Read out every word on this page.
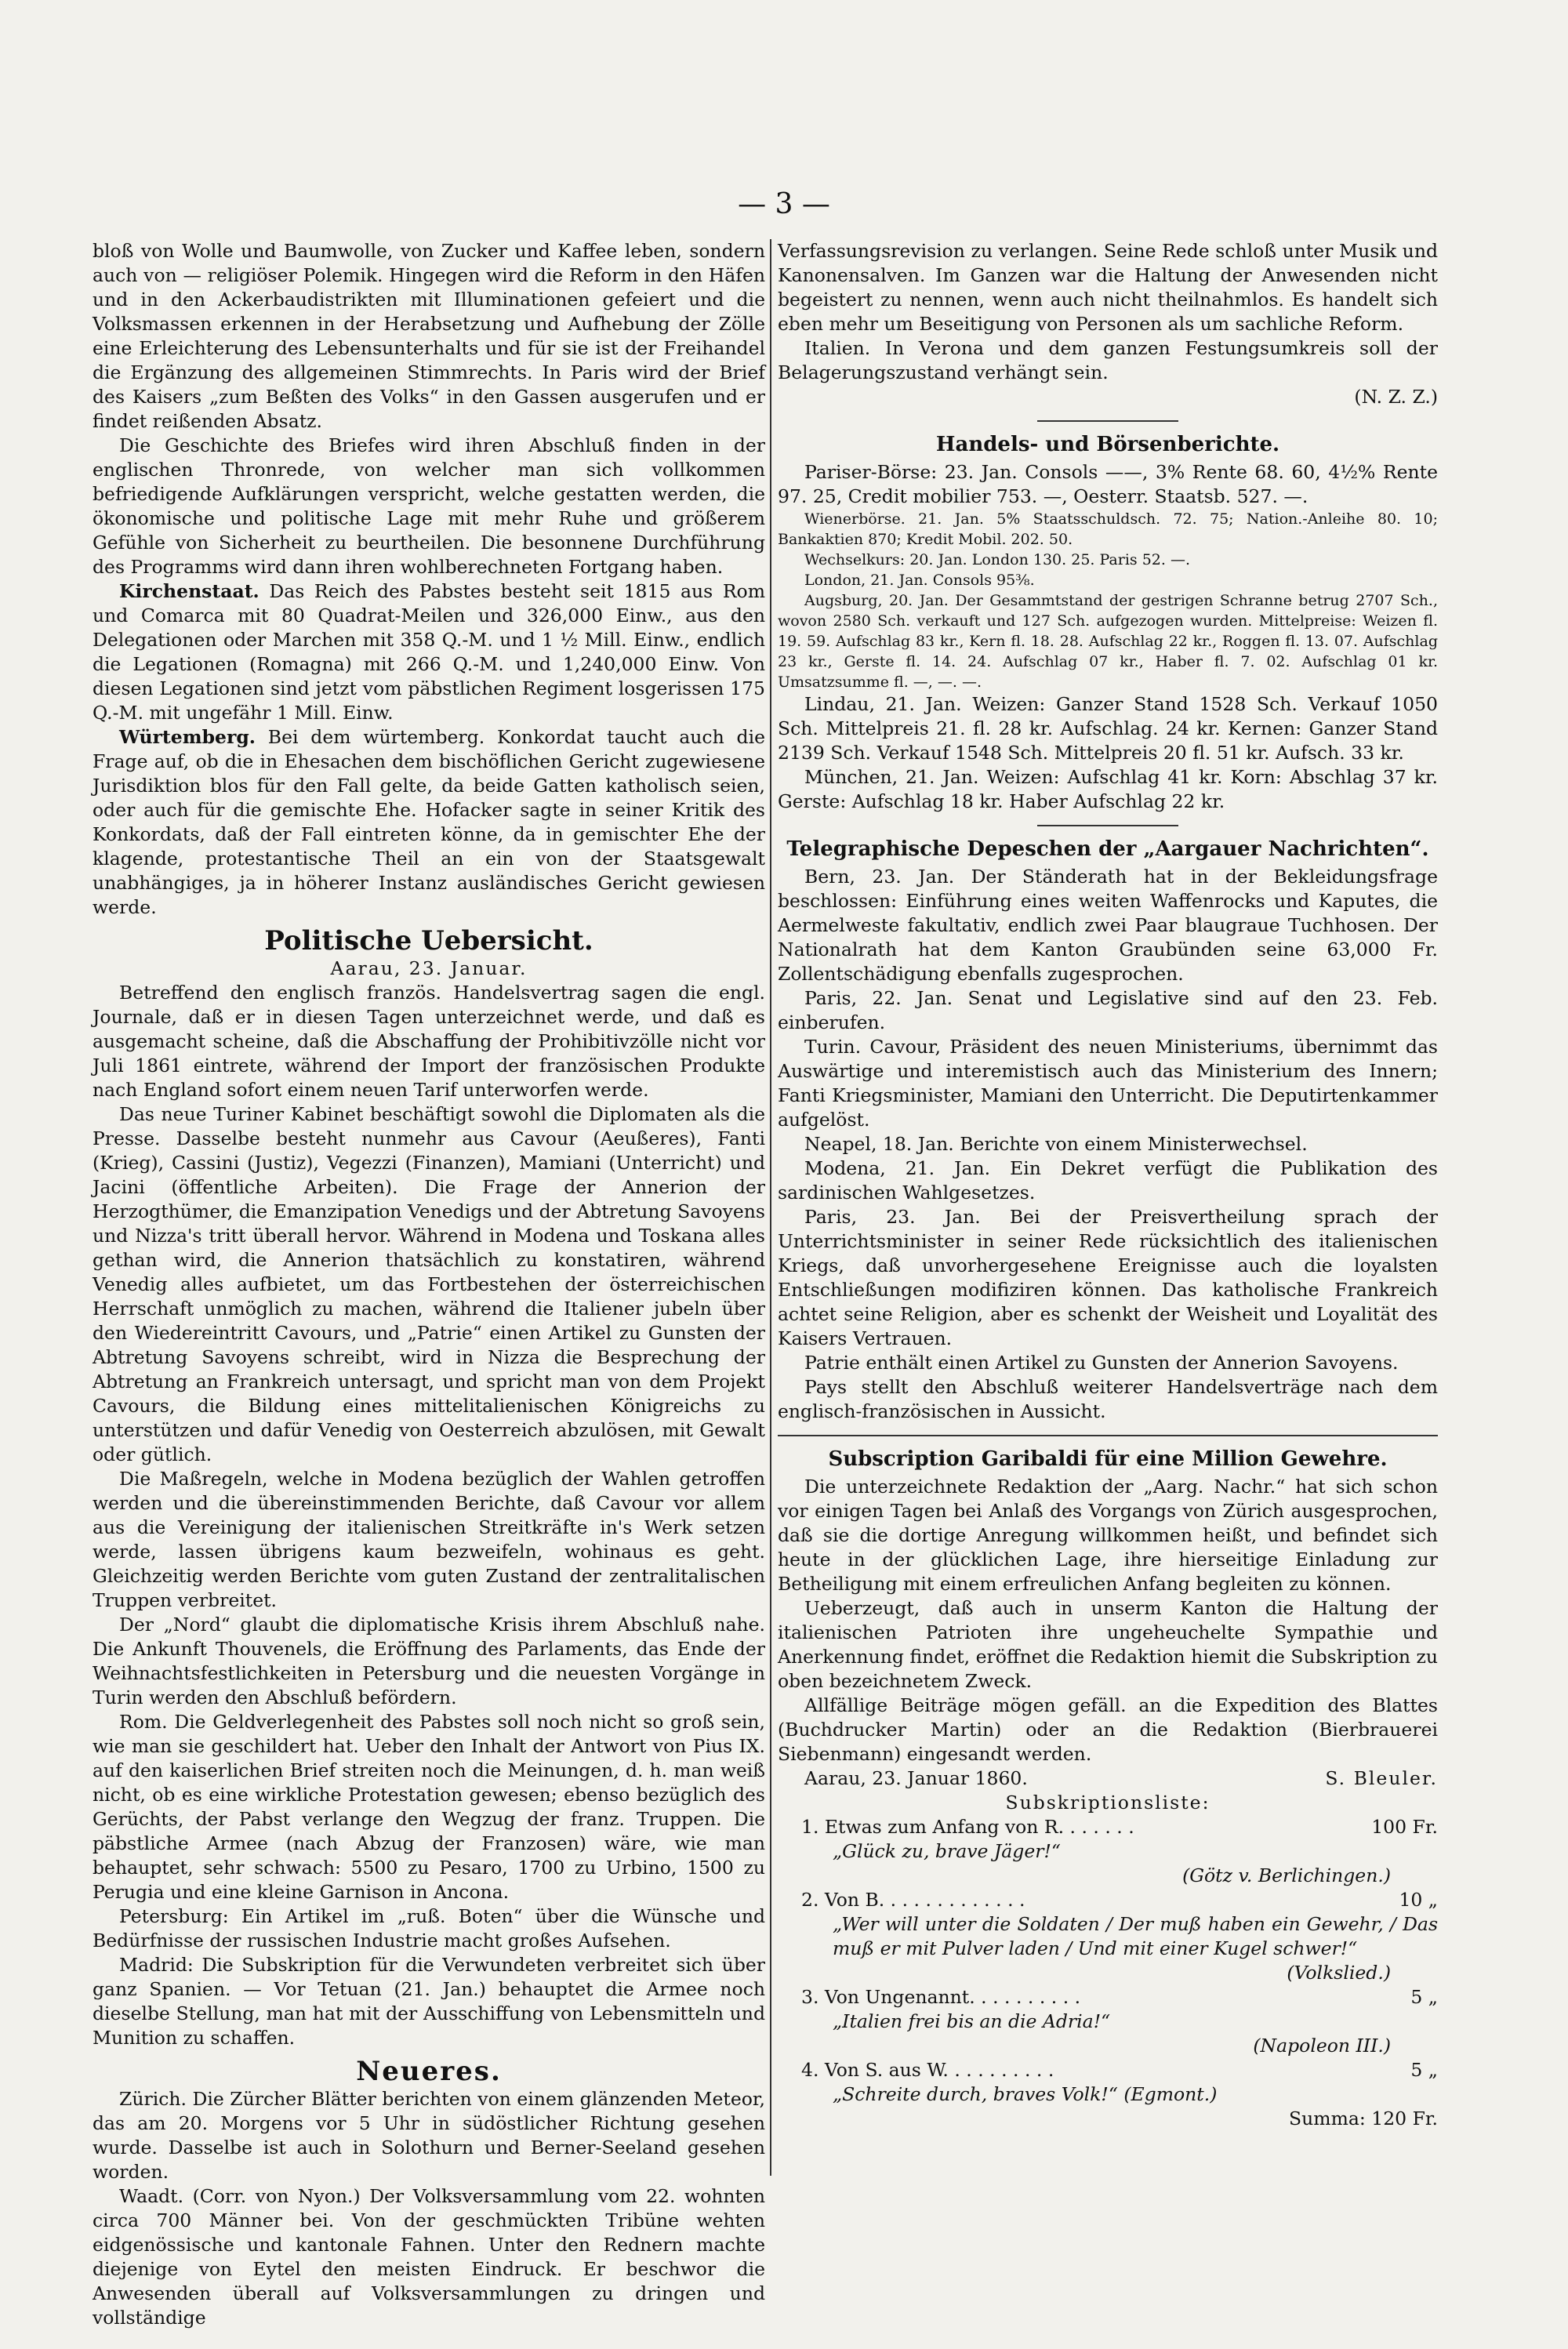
— 3 —

bloß von Wolle und Baumwolle, von Zucker und Kaffee leben, sondern auch von — religiöser Polemik. Hingegen wird die Reform in den Häfen und in den Ackerbaudistrikten mit Illuminationen gefeiert und die Volksmassen erkennen in der Herabsetzung und Aufhebung der Zölle eine Erleichterung des Lebensunterhalts und für sie ist der Freihandel die Ergänzung des allgemeinen Stimmrechts. In Paris wird der Brief des Kaisers „zum Beßten des Volks“ in den Gassen ausgerufen und er findet reißenden Absatz.

Die Geschichte des Briefes wird ihren Abschluß finden in der englischen Thronrede, von welcher man sich vollkommen befriedigende Aufklärungen verspricht, welche gestatten werden, die ökonomische und politische Lage mit mehr Ruhe und größerem Gefühle von Sicherheit zu beurtheilen. Die besonnene Durchführung des Programms wird dann ihren wohlberechneten Fortgang haben.

Kirchenstaat. Das Reich des Pabstes besteht seit 1815 aus Rom und Comarca mit 80 Quadrat-Meilen und 326,000 Einw., aus den Delegationen oder Marchen mit 358 Q.-M. und 1 ½ Mill. Einw., endlich die Legationen (Romagna) mit 266 Q.-M. und 1,240,000 Einw. Von diesen Legationen sind jetzt vom päbstlichen Regiment losgerissen 175 Q.-M. mit ungefähr 1 Mill. Einw.

Würtemberg. Bei dem würtemberg. Konkordat taucht auch die Frage auf, ob die in Ehesachen dem bischöflichen Gericht zugewiesene Jurisdiktion blos für den Fall gelte, da beide Gatten katholisch seien, oder auch für die gemischte Ehe. Hofacker sagte in seiner Kritik des Konkordats, daß der Fall eintreten könne, da in gemischter Ehe der klagende, protestantische Theil an ein von der Staatsgewalt unabhängiges, ja in höherer Instanz ausländisches Gericht gewiesen werde.

Politische Uebersicht.

Aarau, 23. Januar.

Betreffend den englisch französ. Handelsvertrag sagen die engl. Journale, daß er in diesen Tagen unterzeichnet werde, und daß es ausgemacht scheine, daß die Abschaffung der Prohibitivzölle nicht vor Juli 1861 eintrete, während der Import der französischen Produkte nach England sofort einem neuen Tarif unterworfen werde.

Das neue Turiner Kabinet beschäftigt sowohl die Diplomaten als die Presse. Dasselbe besteht nunmehr aus Cavour (Aeußeres), Fanti (Krieg), Cassini (Justiz), Vegezzi (Finanzen), Mamiani (Unterricht) und Jacini (öffentliche Arbeiten). Die Frage der Annerion der Herzogthümer, die Emanzipation Venedigs und der Abtretung Savoyens und Nizza's tritt überall hervor. Während in Modena und Toskana alles gethan wird, die Annerion thatsächlich zu konstatiren, während Venedig alles aufbietet, um das Fortbestehen der österreichischen Herrschaft unmöglich zu machen, während die Italiener jubeln über den Wiedereintritt Cavours, und „Patrie“ einen Artikel zu Gunsten der Abtretung Savoyens schreibt, wird in Nizza die Besprechung der Abtretung an Frankreich untersagt, und spricht man von dem Projekt Cavours, die Bildung eines mittelitalienischen Königreichs zu unterstützen und dafür Venedig von Oesterreich abzulösen, mit Gewalt oder gütlich.

Die Maßregeln, welche in Modena bezüglich der Wahlen getroffen werden und die übereinstimmenden Berichte, daß Cavour vor allem aus die Vereinigung der italienischen Streitkräfte in's Werk setzen werde, lassen übrigens kaum bezweifeln, wohinaus es geht. Gleichzeitig werden Berichte vom guten Zustand der zentralitalischen Truppen verbreitet.

Der „Nord“ glaubt die diplomatische Krisis ihrem Abschluß nahe. Die Ankunft Thouvenels, die Eröffnung des Parlaments, das Ende der Weihnachtsfestlichkeiten in Petersburg und die neuesten Vorgänge in Turin werden den Abschluß befördern.

Rom. Die Geldverlegenheit des Pabstes soll noch nicht so groß sein, wie man sie geschildert hat. Ueber den Inhalt der Antwort von Pius IX. auf den kaiserlichen Brief streiten noch die Meinungen, d. h. man weiß nicht, ob es eine wirkliche Protestation gewesen; ebenso bezüglich des Gerüchts, der Pabst verlange den Wegzug der franz. Truppen. Die päbstliche Armee (nach Abzug der Franzosen) wäre, wie man behauptet, sehr schwach: 5500 zu Pesaro, 1700 zu Urbino, 1500 zu Perugia und eine kleine Garnison in Ancona.

Petersburg: Ein Artikel im „ruß. Boten“ über die Wünsche und Bedürfnisse der russischen Industrie macht großes Aufsehen.

Madrid: Die Subskription für die Verwundeten verbreitet sich über ganz Spanien. — Vor Tetuan (21. Jan.) behauptet die Armee noch dieselbe Stellung, man hat mit der Ausschiffung von Lebensmitteln und Munition zu schaffen.

Neueres.

Zürich. Die Zürcher Blätter berichten von einem glänzenden Meteor, das am 20. Morgens vor 5 Uhr in südöstlicher Richtung gesehen wurde. Dasselbe ist auch in Solothurn und Berner-Seeland gesehen worden.

Waadt. (Corr. von Nyon.) Der Volksversammlung vom 22. wohnten circa 700 Männer bei. Von der geschmückten Tribüne wehten eidgenössische und kantonale Fahnen. Unter den Rednern machte diejenige von Eytel den meisten Eindruck. Er beschwor die Anwesenden überall auf Volksversammlungen zu dringen und vollständige

Verfassungsrevision zu verlangen. Seine Rede schloß unter Musik und Kanonensalven. Im Ganzen war die Haltung der Anwesenden nicht begeistert zu nennen, wenn auch nicht theilnahmlos. Es handelt sich eben mehr um Beseitigung von Personen als um sachliche Reform.

Italien. In Verona und dem ganzen Festungsumkreis soll der Belagerungszustand verhängt sein.

(N. Z. Z.)

Handels- und Börsenberichte.

Pariser-Börse: 23. Jan. Consols ——, 3% Rente 68. 60, 4½% Rente 97. 25, Credit mobilier 753. —, Oesterr. Staatsb. 527. —.

Wienerbörse. 21. Jan. 5% Staatsschuldsch. 72. 75; Nation.-Anleihe 80. 10; Bankaktien 870; Kredit Mobil. 202. 50.

Wechselkurs: 20. Jan. London 130. 25. Paris 52. —.

London, 21. Jan. Consols 95⅜.

Augsburg, 20. Jan. Der Gesammtstand der gestrigen Schranne betrug 2707 Sch., wovon 2580 Sch. verkauft und 127 Sch. aufgezogen wurden. Mittelpreise: Weizen fl. 19. 59. Aufschlag 83 kr., Kern fl. 18. 28. Aufschlag 22 kr., Roggen fl. 13. 07. Aufschlag 23 kr., Gerste fl. 14. 24. Aufschlag 07 kr., Haber fl. 7. 02. Aufschlag 01 kr. Umsatzsumme fl. —, —. —.

Lindau, 21. Jan. Weizen: Ganzer Stand 1528 Sch. Verkauf 1050 Sch. Mittelpreis 21. fl. 28 kr. Aufschlag. 24 kr. Kernen: Ganzer Stand 2139 Sch. Verkauf 1548 Sch. Mittelpreis 20 fl. 51 kr. Aufsch. 33 kr.

München, 21. Jan. Weizen: Aufschlag 41 kr. Korn: Abschlag 37 kr. Gerste: Aufschlag 18 kr. Haber Aufschlag 22 kr.

Telegraphische Depeschen der „Aargauer Nachrichten“.

Bern, 23. Jan. Der Ständerath hat in der Bekleidungsfrage beschlossen: Einführung eines weiten Waffenrocks und Kaputes, die Aermelweste fakultativ, endlich zwei Paar blaugraue Tuchhosen. Der Nationalrath hat dem Kanton Graubünden seine 63,000 Fr. Zollentschädigung ebenfalls zugesprochen.

Paris, 22. Jan. Senat und Legislative sind auf den 23. Feb. einberufen.

Turin. Cavour, Präsident des neuen Ministeriums, übernimmt das Auswärtige und interemistisch auch das Ministerium des Innern; Fanti Kriegsminister, Mamiani den Unterricht. Die Deputirtenkammer aufgelöst.

Neapel, 18. Jan. Berichte von einem Ministerwechsel.

Modena, 21. Jan. Ein Dekret verfügt die Publikation des sardinischen Wahlgesetzes.

Paris, 23. Jan. Bei der Preisvertheilung sprach der Unterrichtsminister in seiner Rede rücksichtlich des italienischen Kriegs, daß unvorhergesehene Ereignisse auch die loyalsten Entschließungen modifiziren können. Das katholische Frankreich achtet seine Religion, aber es schenkt der Weisheit und Loyalität des Kaisers Vertrauen.

Patrie enthält einen Artikel zu Gunsten der Annerion Savoyens.

Pays stellt den Abschluß weiterer Handelsverträge nach dem englisch-französischen in Aussicht.

Subscription Garibaldi für eine Million Gewehre.

Die unterzeichnete Redaktion der „Aarg. Nachr.“ hat sich schon vor einigen Tagen bei Anlaß des Vorgangs von Zürich ausgesprochen, daß sie die dortige Anregung willkommen heißt, und befindet sich heute in der glücklichen Lage, ihre hierseitige Einladung zur Betheiligung mit einem erfreulichen Anfang begleiten zu können.

Ueberzeugt, daß auch in unserm Kanton die Haltung der italienischen Patrioten ihre ungeheuchelte Sympathie und Anerkennung findet, eröffnet die Redaktion hiemit die Subskription zu oben bezeichnetem Zweck.

Allfällige Beiträge mögen gefäll. an die Expedition des Blattes (Buchdrucker Martin) oder an die Redaktion (Bierbrauerei Siebenmann) eingesandt werden.

Aarau, 23. Januar 1860.	S. Bleuler.

Subskriptionsliste:

1. Etwas zum Anfang von R. . . . . . .	100 Fr.
„Glück zu, brave Jäger!“
(Götz v. Berlichingen.)
2. Von B. . . . . . . . . . . . .	10 „
„Wer will unter die Soldaten / Der muß haben ein Gewehr, / Das muß er mit Pulver laden / Und mit einer Kugel schwer!“
(Volkslied.)
3. Von Ungenannt. . . . . . . . . .	5 „
„Italien frei bis an die Adria!“
(Napoleon III.)
4. Von S. aus W. . . . . . . . . .	5 „
„Schreite durch, braves Volk!“ (Egmont.)
Summa: 120 Fr.
